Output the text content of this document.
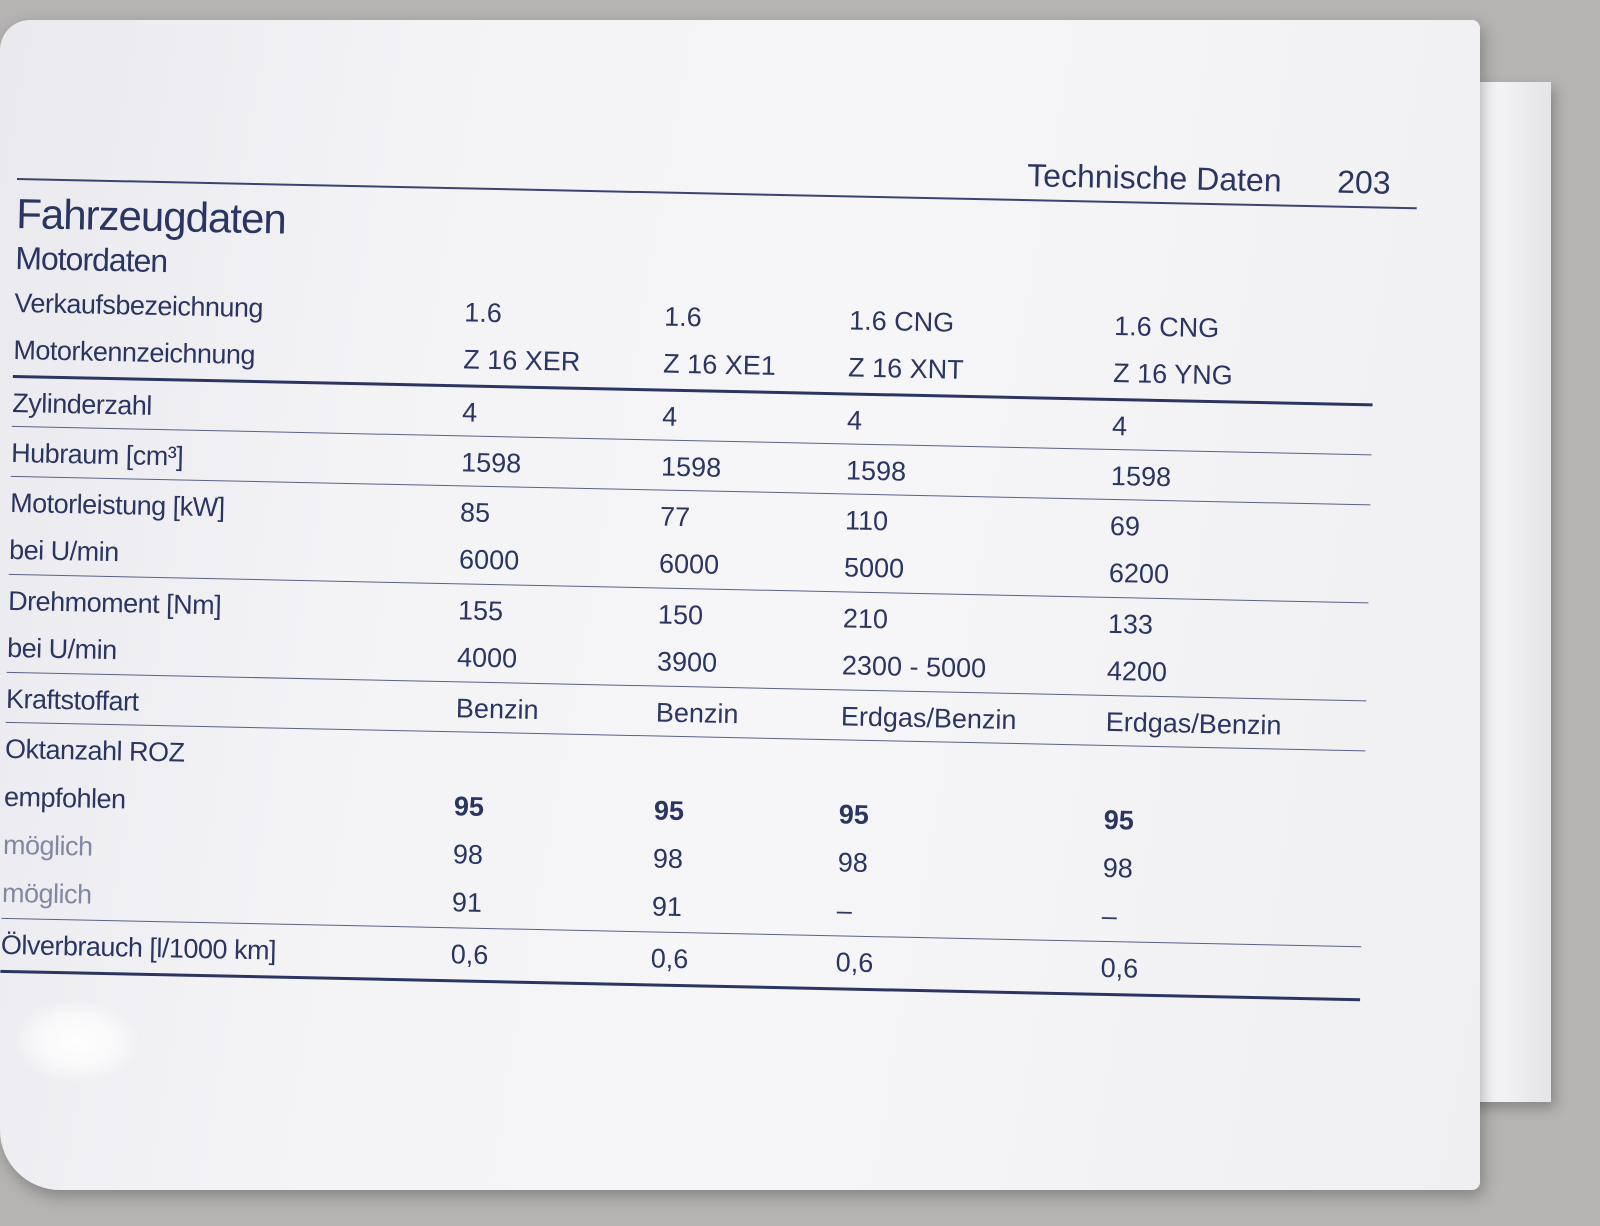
Technische Daten 203
Fahrzeugdaten
Motordaten
Verkaufsbezeichnung	1.6	1.6	1.6 CNG	1.6 CNG
Motorkennzeichnung	Z 16 XER	Z 16 XE1	Z 16 XNT	Z 16 YNG
Zylinderzahl	4	4	4	4
Hubraum [cm³]	1598	1598	1598	1598
Motorleistung [kW]	85	77	110	69
bei U/min	6000	6000	5000	6200
Drehmoment [Nm]	155	150	210	133
bei U/min	4000	3900	2300 - 5000	4200
Kraftstoffart	Benzin	Benzin	Erdgas/Benzin	Erdgas/Benzin
Oktanzahl ROZ
empfohlen	95	95	95	95
möglich	98	98	98	98
möglich	91	91	–	–
Ölverbrauch [l/1000 km]	0,6	0,6	0,6	0,6
